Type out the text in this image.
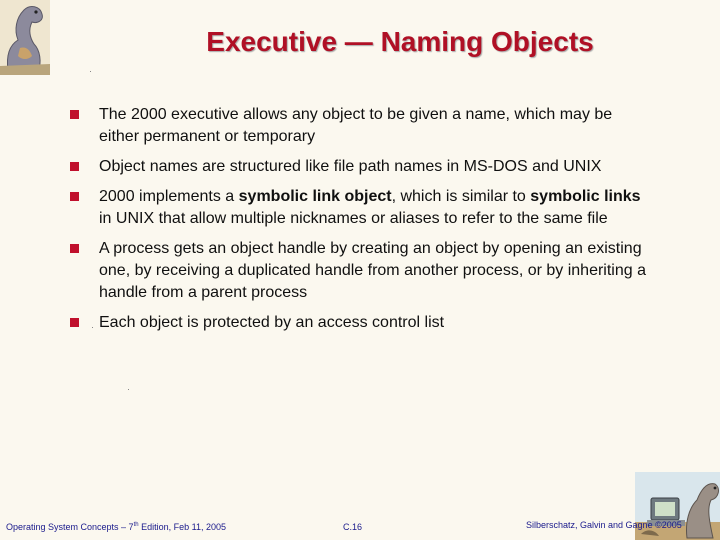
Executive — Naming Objects
The 2000 executive allows any object to be given a name, which may be either permanent or temporary
Object names are structured like file path names in MS-DOS and UNIX
2000 implements a symbolic link object, which is similar to symbolic links in UNIX that allow multiple nicknames or aliases to refer to the same file
A process gets an object handle by creating an object by opening an existing one, by receiving a duplicated handle from another process, or by inheriting a handle from a parent process
Each object is protected by an access control list
Operating System Concepts – 7th Edition, Feb 11, 2005	C.16	Silberschatz, Galvin and Gagne ©2005
